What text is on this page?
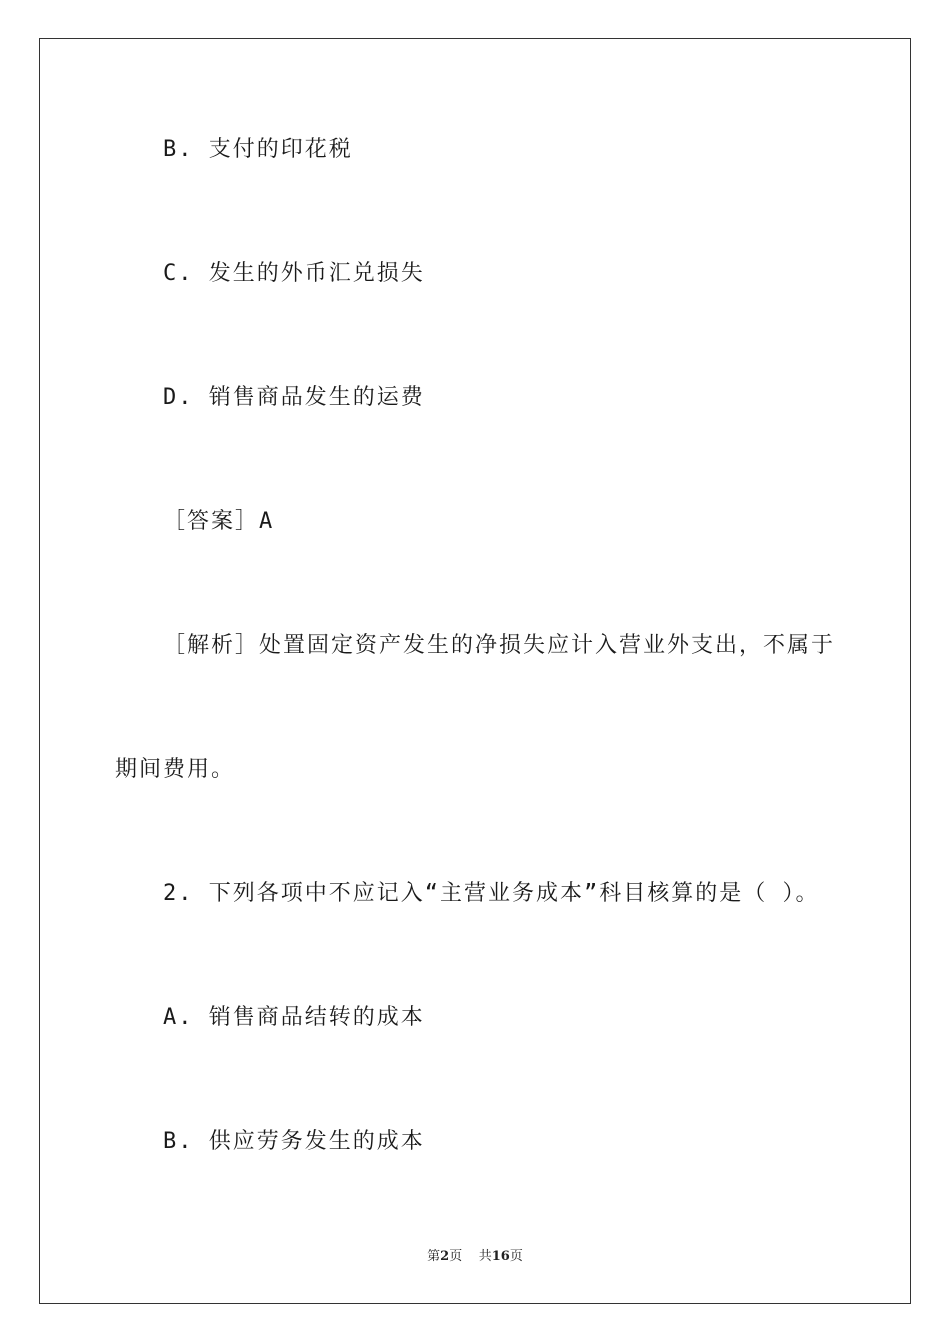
B. 支付的印花税
C. 发生的外币汇兑损失
D. 销售商品发生的运费
［答案］A
［解析］处置固定资产发生的净损失应计入营业外支出，不属于
期间费用。
2. 下列各项中不应记入“主营业务成本”科目核算的是（ ）。
A. 销售商品结转的成本
B. 供应劳务发生的成本
第2页 共16页
